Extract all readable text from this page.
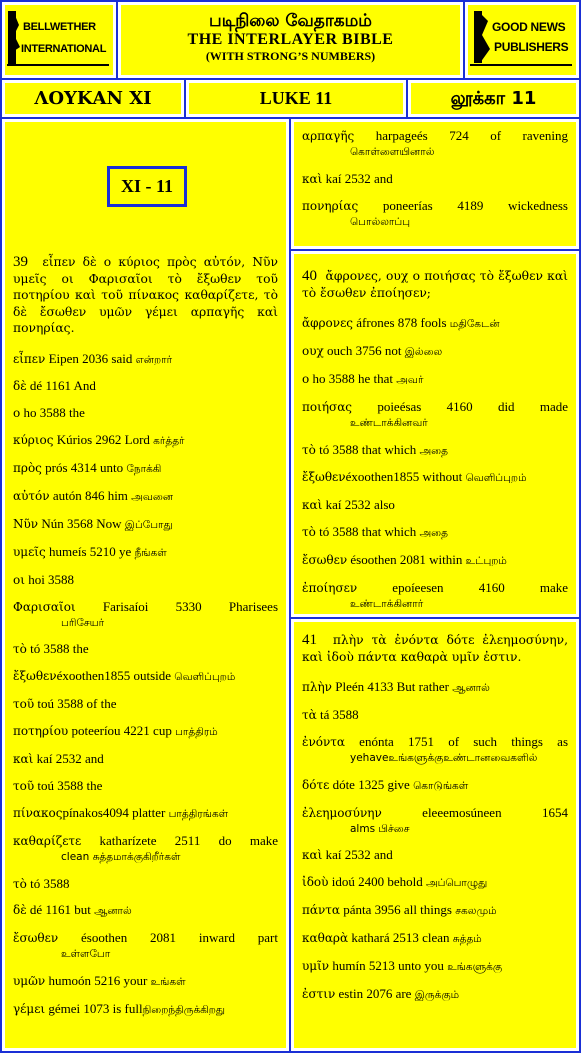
BELLWETHER
INTERNATIONAL
படிநிலை வேதாகமம்
THE INTERLAYER BIBLE
(WITH STRONG’S NUMBERS)
GOOD NEWS
PUBLISHERS
ΛΟΥΚΑΝ XI	LUKE 11	லூக்கா 11
XI - 11
39 εἶπεν δὲ ο κύριος πρὸς αὐτόν, Νῦν υμεῖς οι Φαρισαῖοι τὸ ἔξωθεν τοῦ ποτηρίου καὶ τοῦ πίνακος καθαρίζετε, τὸ δὲ ἔσωθεν υμῶν γέμει αρπαγῆς καὶ πονηρίας.
εἶπεν Eipen 2036 said என்றார்
δὲ dé 1161 And
ο ho 3588 the
κύριος Kúrios 2962 Lord கர்த்தர்
πρὸς prós 4314 unto நோக்கி
αὐτόν autón 846 him அவனை
Νῦν Nún 3568 Now இப்போது
υμεῖς humeís 5210 ye நீங்கள்
οι hoi 3588
Φαρισαῖοι Farisaíoi 5330 Pharisees
பரிசேயர்
τὸ tó 3588 the
ἔξωθενéxoothen1855 outside வெளிப்புறம்
τοῦ toú 3588 of the
ποτηρίου poteeríou 4221 cup பாத்திரம்
καὶ kaí 2532 and
τοῦ toú 3588 the
πίνακοςpínakos4094 platter பாத்திரங்கள்
καθαρίζετε katharízete 2511 do make
clean சுத்தமாக்குகிறீர்கள்
τὸ tó 3588
δὲ dé 1161 but ஆனால்
ἔσωθεν ésoothen 2081 inward part
உள்ளபோ
υμῶν humoón 5216 your உங்கள்
γέμει gémei 1073 is fullநிறைந்திருக்கிறது
αρπαγῆς harpageés 724 of ravening
கொள்ளையினால்
καὶ kaí 2532 and
πονηρίας poneerías 4189 wickedness
பொல்லாப்பு
40 ἄφρονες, ουχ ο ποιήσας τὸ ἔξωθεν καὶ τὸ ἔσωθεν ἐποίησεν;
ἄφρονες áfrones 878 fools மதிகேடன்
ουχ ouch 3756 not இல்லை
ο ho 3588 he that அவர்
ποιήσας poieésas 4160 did made
உண்டாக்கினவர்
τὸ tó 3588 that which அதை
ἔξωθενéxoothen1855 without வெளிப்புறம்
καὶ kaí 2532 also
τὸ tó 3588 that which அதை
ἔσωθεν ésoothen 2081 within உட்புறம்
ἐποίησεν epoíeesen 4160 make
உண்டாக்கினார்
41 πλὴν τὰ ἐνόντα δότε ἐλεημοσύνην, καὶ ἰδοὺ πάντα καθαρὰ υμῖν ἐστιν.
πλὴν Pleén 4133 But rather ஆனால்
τὰ tá 3588
ἐνόντα enónta 1751 of such things as
yehaveஉங்களுக்குஉண்டானவைகளில்
δότε dóte 1325 give கொடுங்கள்
ἐλεημοσύνην eleeemosúneen 1654
alms பிச்சை
καὶ kaí 2532 and
ἰδοὺ idoú 2400 behold அப்பொழுது
πάντα pánta 3956 all things சகலமும்
καθαρὰ kathará 2513 clean சுத்தம்
υμῖν humín 5213 unto you உங்களுக்கு
ἐστιν estin 2076 are இருக்கும்
